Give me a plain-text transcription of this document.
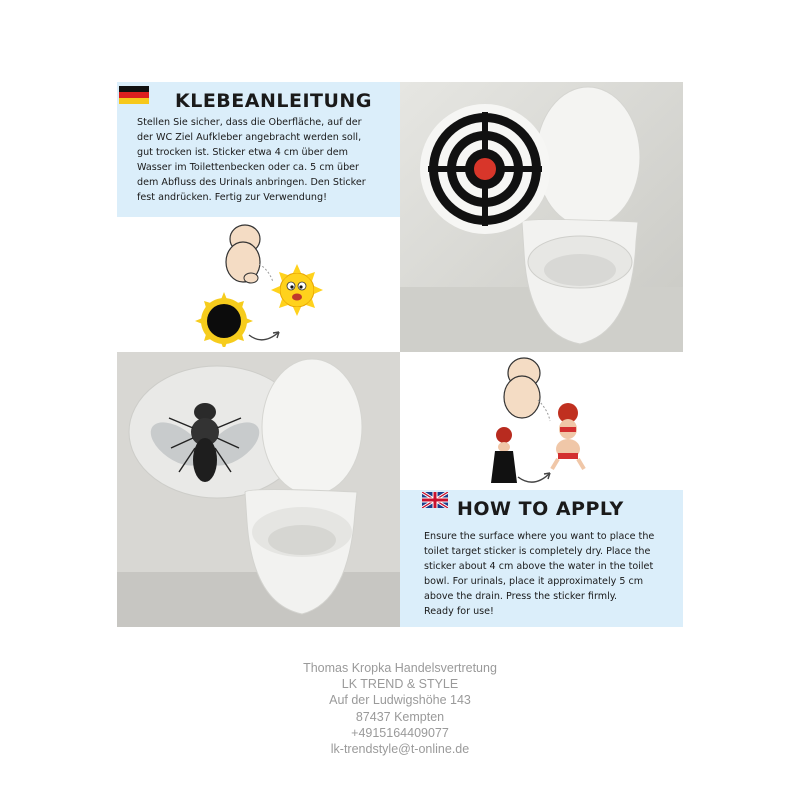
KLEBEANLEITUNG
Stellen Sie sicher, dass die Oberfläche, auf der
der WC Ziel Aufkleber angebracht werden soll,
gut trocken ist. Sticker etwa 4 cm über dem
Wasser im Toilettenbecken oder ca. 5 cm über
dem Abfluss des Urinals anbringen. Den Sticker
fest andrücken. Fertig zur Verwendung!
HOW TO APPLY
Ensure the surface where you want to place the
toilet target sticker is completely dry. Place the
sticker about 4 cm above the water in the toilet
bowl. For urinals, place it approximately 5 cm
above the drain. Press the sticker firmly.
Ready for use!
Thomas Kropka Handelsvertretung
LK TREND & STYLE
Auf der Ludwigshöhe 143
87437 Kempten
+4915164409077
lk-trendstyle@t-online.de
